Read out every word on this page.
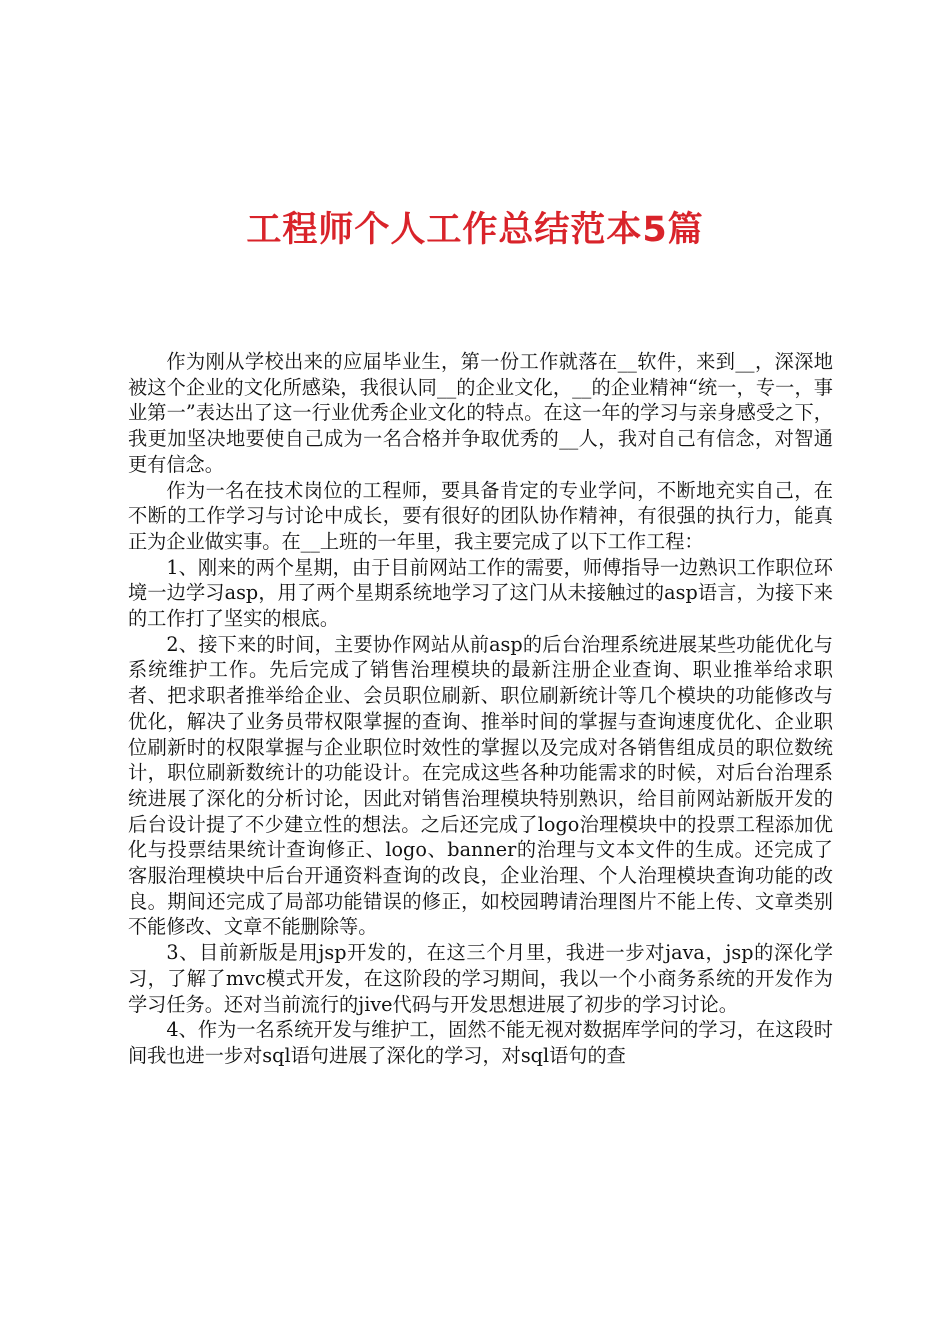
工程师个人工作总结范本5篇

作为刚从学校出来的应届毕业生，第一份工作就落在__软件，来到__，深深地被这个企业的文化所感染，我很认同__的企业文化，__的企业精神“统一，专一，事业第一”表达出了这一行业优秀企业文化的特点。在这一年的学习与亲身感受之下，我更加坚决地要使自己成为一名合格并争取优秀的__人，我对自己有信念，对智通更有信念。

作为一名在技术岗位的工程师，要具备肯定的专业学问，不断地充实自己，在不断的工作学习与讨论中成长，要有很好的团队协作精神，有很强的执行力，能真正为企业做实事。在__上班的一年里，我主要完成了以下工作工程：

1、刚来的两个星期，由于目前网站工作的需要，师傅指导一边熟识工作职位环境一边学习asp，用了两个星期系统地学习了这门从未接触过的asp语言，为接下来的工作打了坚实的根底。

2、接下来的时间，主要协作网站从前asp的后台治理系统进展某些功能优化与系统维护工作。先后完成了销售治理模块的最新注册企业查询、职业推举给求职者、把求职者推举给企业、会员职位刷新、职位刷新统计等几个模块的功能修改与优化，解决了业务员带权限掌握的查询、推举时间的掌握与查询速度优化、企业职位刷新时的权限掌握与企业职位时效性的掌握以及完成对各销售组成员的职位数统计，职位刷新数统计的功能设计。在完成这些各种功能需求的时候，对后台治理系统进展了深化的分析讨论，因此对销售治理模块特别熟识，给目前网站新版开发的后台设计提了不少建立性的想法。之后还完成了logo治理模块中的投票工程添加优化与投票结果统计查询修正、logo、banner的治理与文本文件的生成。还完成了客服治理模块中后台开通资料查询的改良，企业治理、个人治理模块查询功能的改良。期间还完成了局部功能错误的修正，如校园聘请治理图片不能上传、文章类别不能修改、文章不能删除等。

3、目前新版是用jsp开发的，在这三个月里，我进一步对java，jsp的深化学习，了解了mvc模式开发，在这阶段的学习期间，我以一个小商务系统的开发作为学习任务。还对当前流行的jive代码与开发思想进展了初步的学习讨论。

4、作为一名系统开发与维护工，固然不能无视对数据库学问的学习，在这段时间我也进一步对sql语句进展了深化的学习，对sql语句的查
